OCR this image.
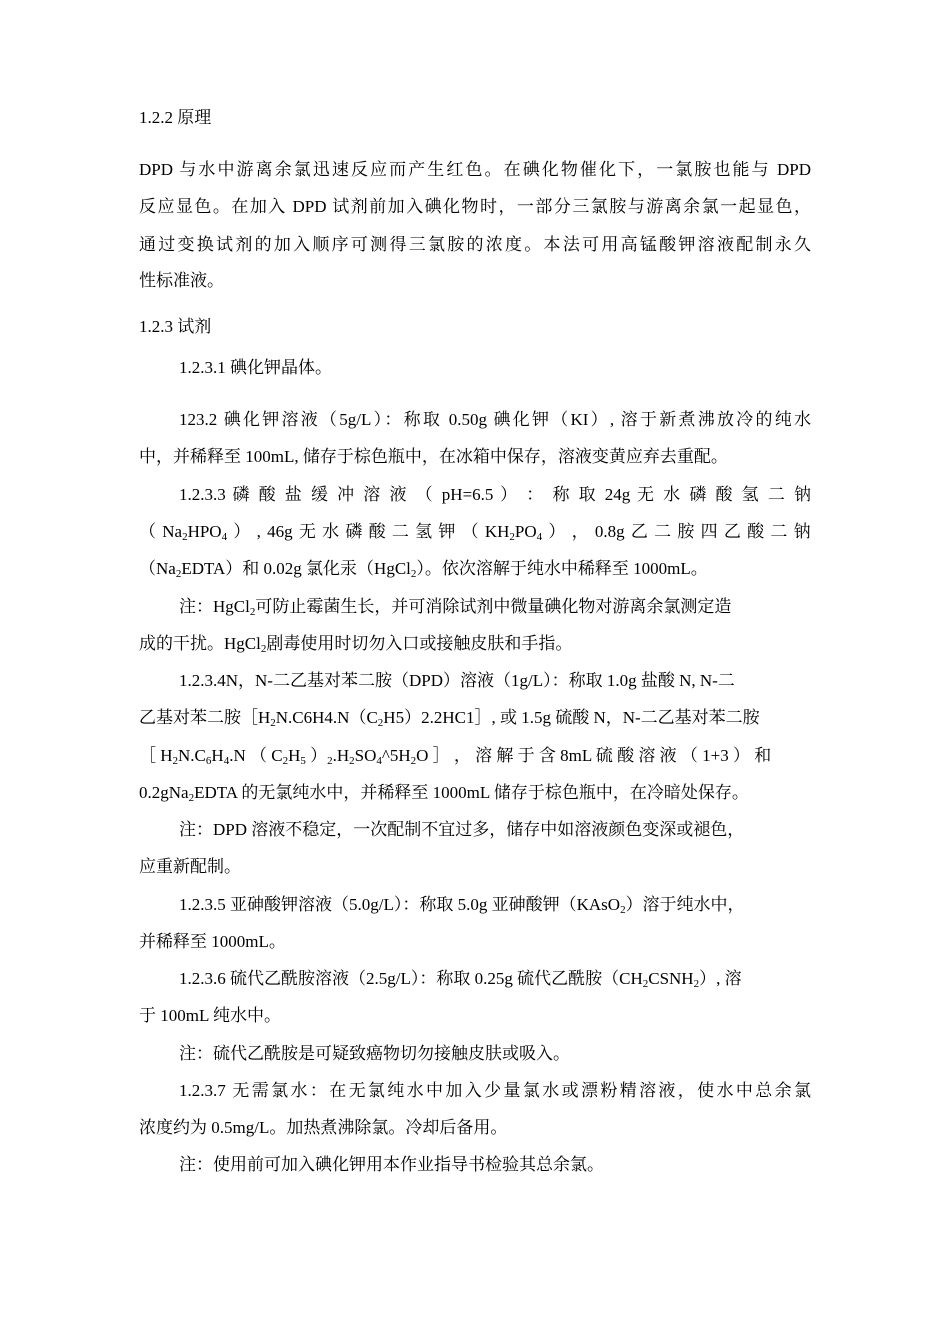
1.2.2 原理
DPD 与水中游离余氯迅速反应而产生红色。在碘化物催化下，一氯胺也能与 DPD
反应显色。在加入 DPD 试剂前加入碘化物时，一部分三氯胺与游离余氯一起显色，
通过变换试剂的加入顺序可测得三氯胺的浓度。本法可用高锰酸钾溶液配制永久
性标准液。
1.2.3 试剂
1.2.3.1 碘化钾晶体。
123.2 碘化钾溶液（5g/L）：称取 0.50g 碘化钾（KI）, 溶于新煮沸放冷的纯水
中，并稀释至 100mL, 储存于棕色瓶中，在冰箱中保存，溶液变黄应弃去重配。
1.2.3.3 磷 酸 盐 缓 冲 溶 液 （ pH=6.5 ） ： 称 取 24g 无 水 磷 酸 氢 二 钠
（ $Na_2HPO_4$ ） , 46g 无 水 磷 酸 二 氢 钾 （ $KH_2PO_4$ ） ， 0.8g 乙 二 胺 四 乙 酸 二 钠
$(Na_2EDTA)$和 0.02g 氯化汞（HgCl$_2$）。依次溶解于纯水中稀释至 1000mL。
注：HgCl$_2$可防止霉菌生长，并可消除试剂中微量碘化物对游离余氯测定造
成的干扰。HgCl$_2$剧毒使用时切勿入口或接触皮肤和手指。
1.2.3.4N，N-二乙基对苯二胺（DPD）溶液（1g/L）：称取 1.0g 盐酸 N, N-二
乙基对苯二胺$[H_2N.C6H4.N(C_2H5)2.2HC1]$, 或 1.5g 硫酸 N，N-二乙基对苯二胺
［ $H_2N.C_6H_4.N$ （ $C_2H_5$ ）$_2.H_2SO_4\^{}5H_2O$ ］ ， 溶 解 于 含 8mL 硫 酸 溶 液 （ 1+3 ） 和
0.2gNa$_2$EDTA 的无氯纯水中，并稀释至 1000mL 储存于棕色瓶中，在冷暗处保存。
注：DPD 溶液不稳定，一次配制不宜过多，储存中如溶液颜色变深或褪色，
应重新配制。
1.2.3.5 亚砷酸钾溶液（5.0g/L）：称取 5.0g 亚砷酸钾（KAsO$_2$）溶于纯水中，
并稀释至 1000mL。
1.2.3.6 硫代乙酰胺溶液（2.5g/L）：称取 0.25g 硫代乙酰胺$(CH_2CSNH_2)$, 溶
于 100mL 纯水中。
注：硫代乙酰胺是可疑致癌物切勿接触皮肤或吸入。
1.2.3.7 无需氯水：在无氯纯水中加入少量氯水或漂粉精溶液，使水中总余氯
浓度约为 0.5mg/L。加热煮沸除氯。冷却后备用。
注：使用前可加入碘化钾用本作业指导书检验其总余氯。
